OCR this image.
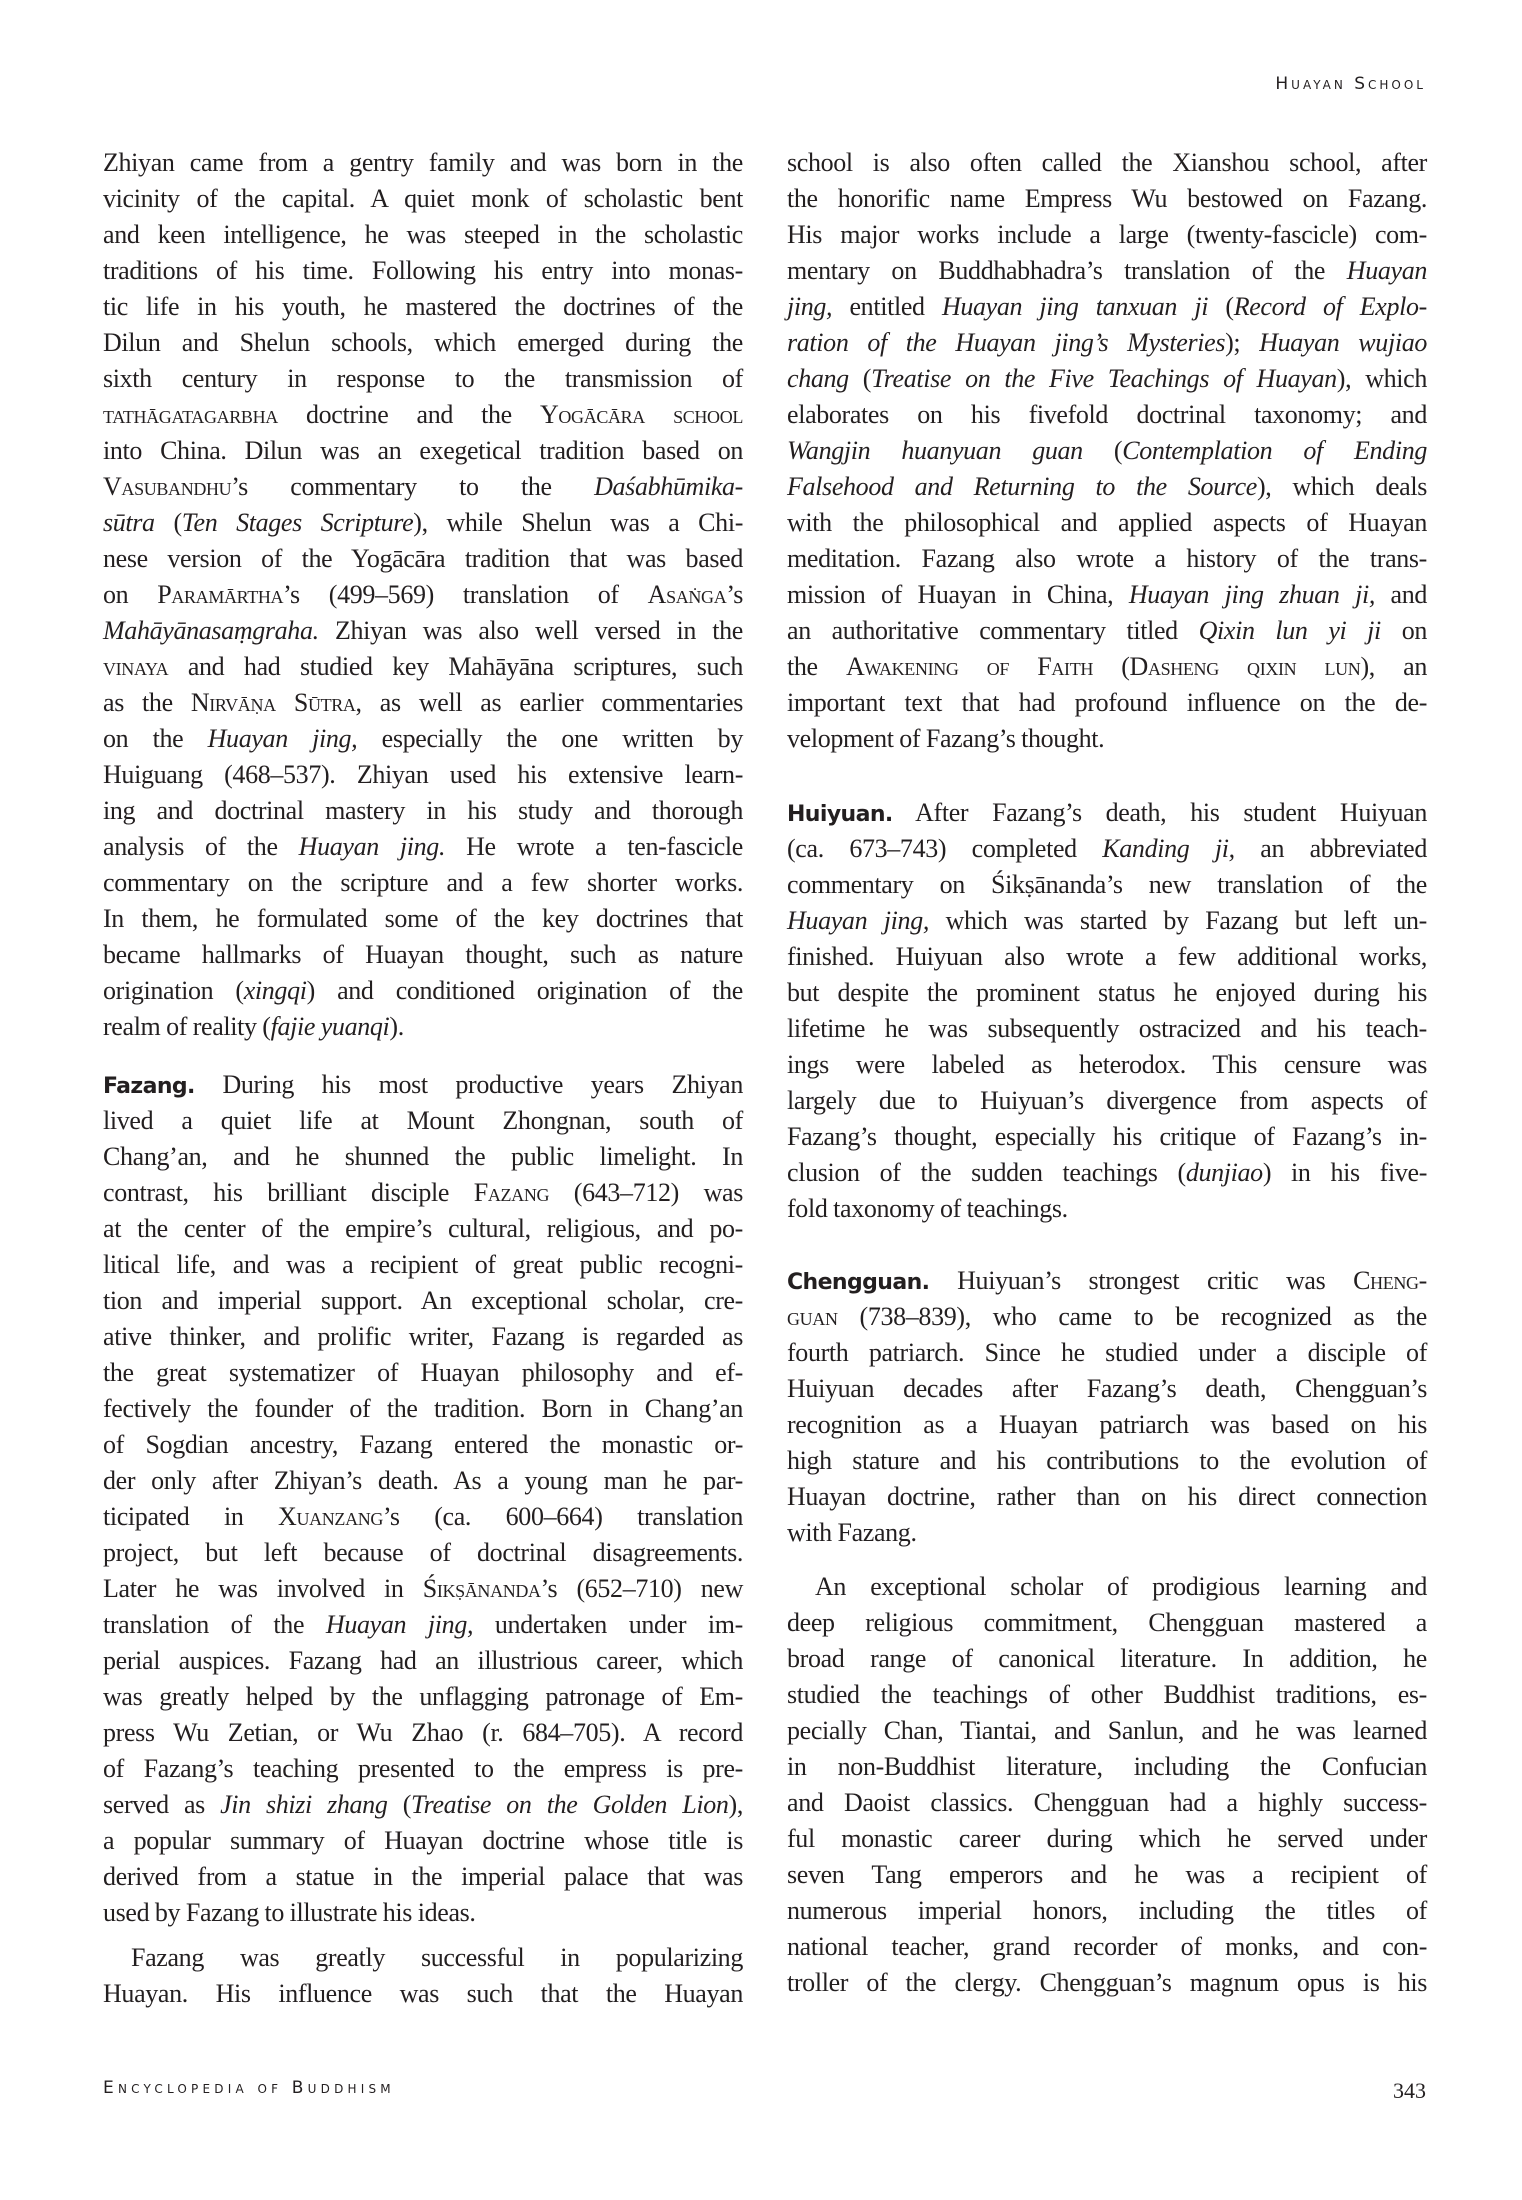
Huayan School
Zhiyan came from a gentry family and was born in the
vicinity of the capital. A quiet monk of scholastic bent
and keen intelligence, he was steeped in the scholastic
traditions of his time. Following his entry into monas-
tic life in his youth, he mastered the doctrines of the
Dilun and Shelun schools, which emerged during the
sixth century in response to the transmission of
tathāgatagarbha doctrine and the Yogācāra school
into China. Dilun was an exegetical tradition based on
Vasubandhu’s commentary to the Daśabhūmika-
sūtra (Ten Stages Scripture), while Shelun was a Chi-
nese version of the Yogācāra tradition that was based
on Paramārtha’s (499–569) translation of Asaṅga’s
Mahāyānasaṃgraha. Zhiyan was also well versed in the
vinaya and had studied key Mahāyāna scriptures, such
as the Nirvāṇa Sūtra, as well as earlier commentaries
on the Huayan jing, especially the one written by
Huiguang (468–537). Zhiyan used his extensive learn-
ing and doctrinal mastery in his study and thorough
analysis of the Huayan jing. He wrote a ten-fascicle
commentary on the scripture and a few shorter works.
In them, he formulated some of the key doctrines that
became hallmarks of Huayan thought, such as nature
origination (xingqi) and conditioned origination of the
realm of reality (fajie yuanqi).
Fazang. During his most productive years Zhiyan
lived a quiet life at Mount Zhongnan, south of
Chang’an, and he shunned the public limelight. In
contrast, his brilliant disciple Fazang (643–712) was
at the center of the empire’s cultural, religious, and po-
litical life, and was a recipient of great public recogni-
tion and imperial support. An exceptional scholar, cre-
ative thinker, and prolific writer, Fazang is regarded as
the great systematizer of Huayan philosophy and ef-
fectively the founder of the tradition. Born in Chang’an
of Sogdian ancestry, Fazang entered the monastic or-
der only after Zhiyan’s death. As a young man he par-
ticipated in Xuanzang’s (ca. 600–664) translation
project, but left because of doctrinal disagreements.
Later he was involved in Śikṣānanda’s (652–710) new
translation of the Huayan jing, undertaken under im-
perial auspices. Fazang had an illustrious career, which
was greatly helped by the unflagging patronage of Em-
press Wu Zetian, or Wu Zhao (r. 684–705). A record
of Fazang’s teaching presented to the empress is pre-
served as Jin shizi zhang (Treatise on the Golden Lion),
a popular summary of Huayan doctrine whose title is
derived from a statue in the imperial palace that was
used by Fazang to illustrate his ideas.
Fazang was greatly successful in popularizing
Huayan. His influence was such that the Huayan
school is also often called the Xianshou school, after
the honorific name Empress Wu bestowed on Fazang.
His major works include a large (twenty-fascicle) com-
mentary on Buddhabhadra’s translation of the Huayan
jing, entitled Huayan jing tanxuan ji (Record of Explo-
ration of the Huayan jing’s Mysteries); Huayan wujiao
chang (Treatise on the Five Teachings of Huayan), which
elaborates on his fivefold doctrinal taxonomy; and
Wangjin huanyuan guan (Contemplation of Ending
Falsehood and Returning to the Source), which deals
with the philosophical and applied aspects of Huayan
meditation. Fazang also wrote a history of the trans-
mission of Huayan in China, Huayan jing zhuan ji, and
an authoritative commentary titled Qixin lun yi ji on
the Awakening of Faith (Dasheng qixin lun), an
important text that had profound influence on the de-
velopment of Fazang’s thought.
Huiyuan. After Fazang’s death, his student Huiyuan
(ca. 673–743) completed Kanding ji, an abbreviated
commentary on Śikṣānanda’s new translation of the
Huayan jing, which was started by Fazang but left un-
finished. Huiyuan also wrote a few additional works,
but despite the prominent status he enjoyed during his
lifetime he was subsequently ostracized and his teach-
ings were labeled as heterodox. This censure was
largely due to Huiyuan’s divergence from aspects of
Fazang’s thought, especially his critique of Fazang’s in-
clusion of the sudden teachings (dunjiao) in his five-
fold taxonomy of teachings.
Chengguan. Huiyuan’s strongest critic was Cheng-
guan (738–839), who came to be recognized as the
fourth patriarch. Since he studied under a disciple of
Huiyuan decades after Fazang’s death, Chengguan’s
recognition as a Huayan patriarch was based on his
high stature and his contributions to the evolution of
Huayan doctrine, rather than on his direct connection
with Fazang.
An exceptional scholar of prodigious learning and
deep religious commitment, Chengguan mastered a
broad range of canonical literature. In addition, he
studied the teachings of other Buddhist traditions, es-
pecially Chan, Tiantai, and Sanlun, and he was learned
in non-Buddhist literature, including the Confucian
and Daoist classics. Chengguan had a highly success-
ful monastic career during which he served under
seven Tang emperors and he was a recipient of
numerous imperial honors, including the titles of
national teacher, grand recorder of monks, and con-
troller of the clergy. Chengguan’s magnum opus is his
Encyclopedia of Buddhism	343
